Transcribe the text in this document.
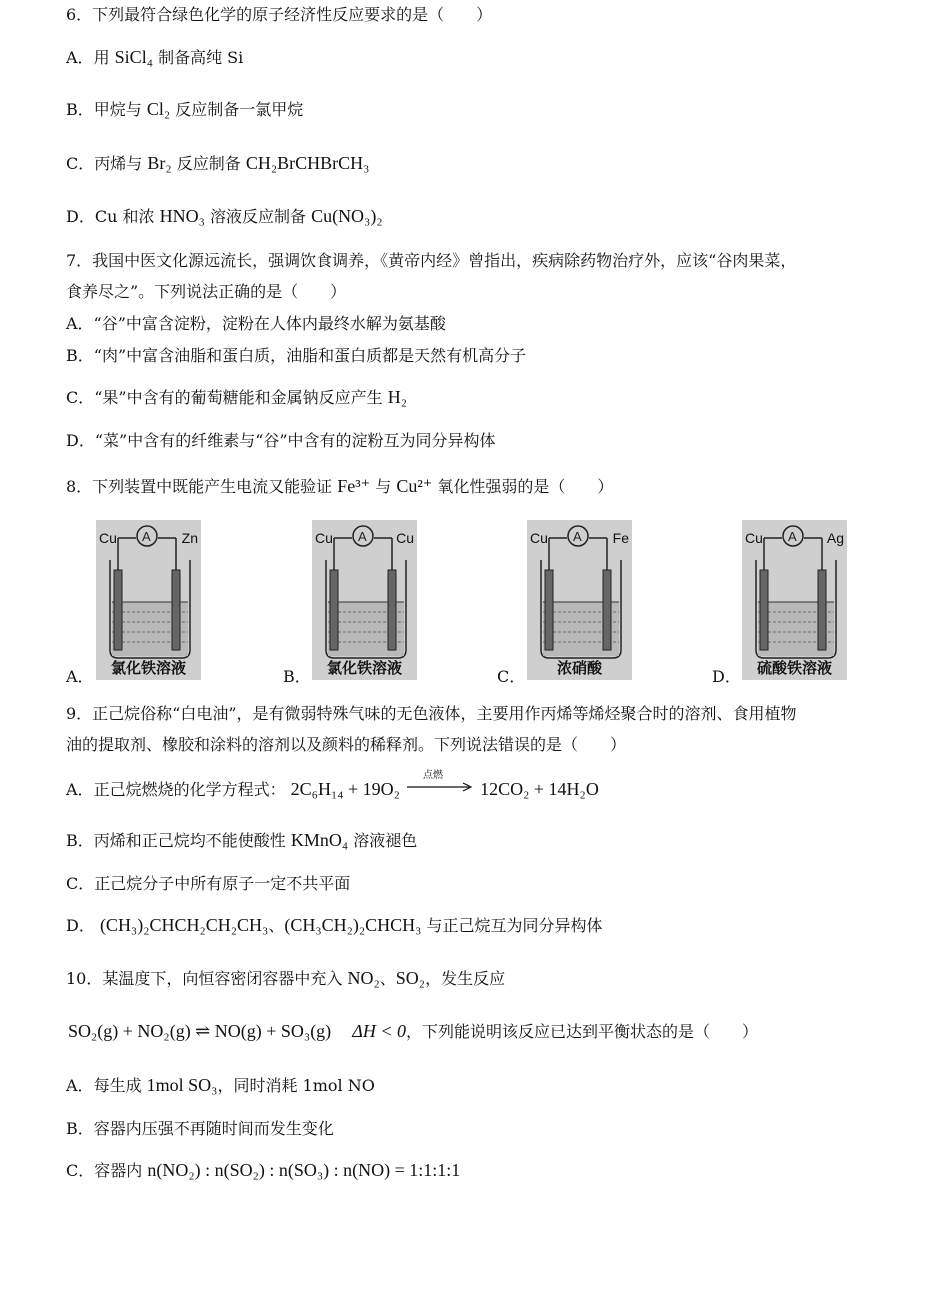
6．下列最符合绿色化学的原子经济性反应要求的是（　　）
A．用 SiCl₄ 制备高纯 Si
B．甲烷与 Cl₂ 反应制备一氯甲烷
C．丙烯与 Br₂ 反应制备 CH₂BrCHBrCH₃
D．Cu 和浓 HNO₃ 溶液反应制备 Cu(NO₃)₂
7．我国中医文化源远流长，强调饮食调养，《黄帝内经》曾指出，疾病除药物治疗外，应该“谷肉果菜，
食养尽之”。下列说法正确的是（　　）
A．“谷”中富含淀粉，淀粉在人体内最终水解为氨基酸
B．“肉”中富含油脂和蛋白质，油脂和蛋白质都是天然有机高分子
C．“果”中含有的葡萄糖能和金属钠反应产生 H₂
D．“菜”中含有的纤维素与“谷”中含有的淀粉互为同分异构体
8．下列装置中既能产生电流又能验证 Fe³⁺ 与 Cu²⁺ 氧化性强弱的是（　　）
A．
A
Cu	Zn
氯化铁溶液	B．
A
Cu	Cu
氯化铁溶液	C．
A
Cu	Fe
浓硝酸	D．
A
Cu	Ag
硫酸铁溶液
9．正己烷俗称“白电油”，是有微弱特殊气味的无色液体，主要用作丙烯等烯烃聚合时的溶剂、食用植物
油的提取剂、橡胶和涂料的溶剂以及颜料的稀释剂。下列说法错误的是（　　）
A．正己烷燃烧的化学方程式： 2C₆H₁₄ + 19O₂
点燃
12CO₂ + 14H₂O
B．丙烯和正己烷均不能使酸性 KMnO₄ 溶液褪色
C．正己烷分子中所有原子一定不共平面
D． (CH₃)₂CHCH₂CH₂CH₃、(CH₃CH₂)₂CHCH₃ 与正己烷互为同分异构体
10．某温度下，向恒容密闭容器中充入 NO₂、SO₂，发生反应
SO₂(g) + NO₂(g) ⇌ NO(g) + SO₃(g) ΔH < 0，下列能说明该反应已达到平衡状态的是（　　）
A．每生成 1mol SO₃，同时消耗 1mol NO
B．容器内压强不再随时间而发生变化
C．容器内 n(NO₂) : n(SO₂) : n(SO₃) : n(NO) = 1:1:1:1
